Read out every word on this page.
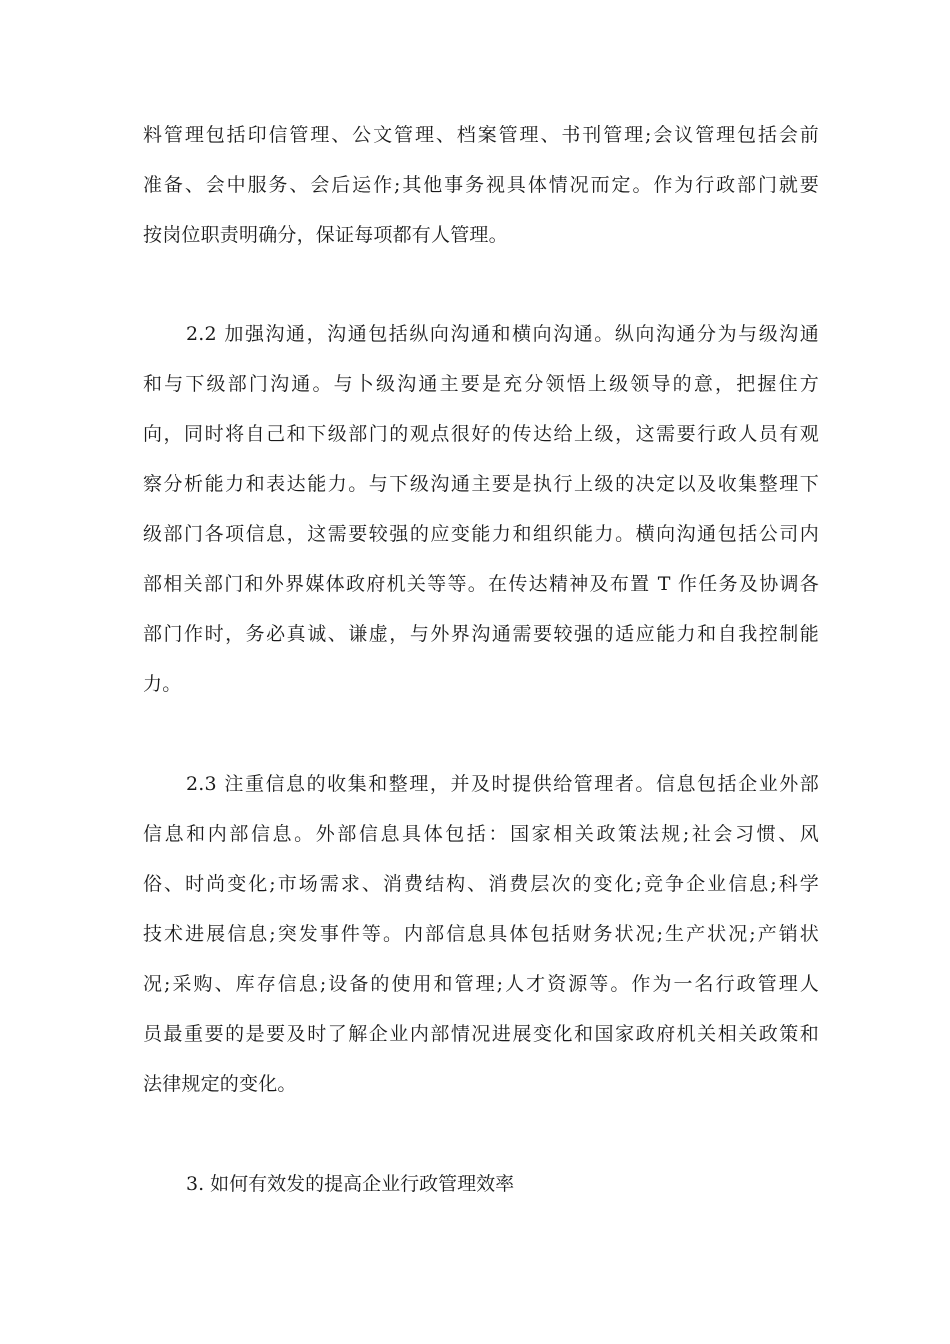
料管理包括印信管理、公文管理、档案管理、书刊管理;会议管理包括会前
准备、会中服务、会后运作;其他事务视具体情况而定。作为行政部门就要
按岗位职责明确分，保证每项都有人管理。
2.2 加强沟通，沟通包括纵向沟通和横向沟通。纵向沟通分为与级沟通
和与下级部门沟通。与卜级沟通主要是充分领悟上级领导的意，把握住方
向，同时将自己和下级部门的观点很好的传达给上级，这需要行政人员有观
察分析能力和表达能力。与下级沟通主要是执行上级的决定以及收集整理下
级部门各项信息，这需要较强的应变能力和组织能力。横向沟通包括公司内
部相关部门和外界媒体政府机关等等。在传达精神及布置 T 作任务及协调各
部门作时，务必真诚、谦虚，与外界沟通需要较强的适应能力和自我控制能
力。
2.3 注重信息的收集和整理，并及时提供给管理者。信息包括企业外部
信息和内部信息。外部信息具体包括：国家相关政策法规;社会习惯、风
俗、时尚变化;市场需求、消费结构、消费层次的变化;竞争企业信息;科学
技术进展信息;突发事件等。内部信息具体包括财务状况;生产状况;产销状
况;采购、库存信息;设备的使用和管理;人才资源等。作为一名行政管理人
员最重要的是要及时了解企业内部情况进展变化和国家政府机关相关政策和
法律规定的变化。
3. 如何有效发的提高企业行政管理效率
